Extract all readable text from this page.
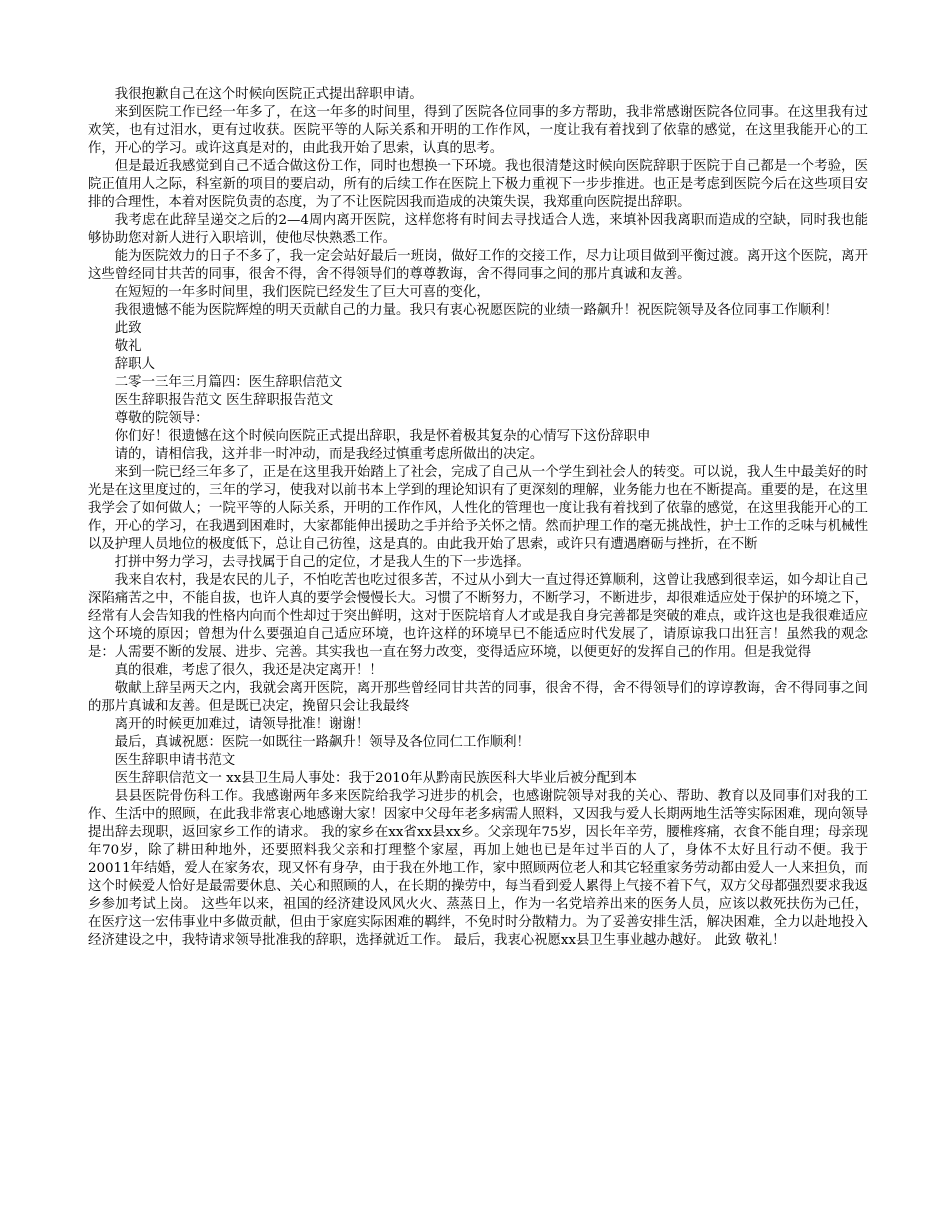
我很抱歉自己在这个时候向医院正式提出辞职申请。

来到医院工作已经一年多了，在这一年多的时间里，得到了医院各位同事的多方帮助，我非常感谢医院各位同事。在这里我有过欢笑，也有过泪水，更有过收获。医院平等的人际关系和开明的工作作风，一度让我有着找到了依靠的感觉，在这里我能开心的工作，开心的学习。或许这真是对的，由此我开始了思索，认真的思考。

但是最近我感觉到自己不适合做这份工作，同时也想换一下环境。我也很清楚这时候向医院辞职于医院于自己都是一个考验，医院正值用人之际，科室新的项目的要启动，所有的后续工作在医院上下极力重视下一步步推进。也正是考虑到医院今后在这些项目安排的合理性，本着对医院负责的态度，为了不让医院因我而造成的决策失误，我郑重向医院提出辞职。

我考虑在此辞呈递交之后的2—4周内离开医院，这样您将有时间去寻找适合人选，来填补因我离职而造成的空缺，同时我也能够协助您对新人进行入职培训，使他尽快熟悉工作。

能为医院效力的日子不多了，我一定会站好最后一班岗，做好工作的交接工作，尽力让项目做到平衡过渡。离开这个医院，离开这些曾经同甘共苦的同事，很舍不得，舍不得领导们的尊尊教诲，舍不得同事之间的那片真诚和友善。

在短短的一年多时间里，我们医院已经发生了巨大可喜的变化，

我很遗憾不能为医院辉煌的明天贡献自己的力量。我只有衷心祝愿医院的业绩一路飙升！祝医院领导及各位同事工作顺利！

此致

敬礼

辞职人

二零一三年三月篇四：医生辞职信范文

医生辞职报告范文 医生辞职报告范文

尊敬的院领导：

你们好！很遗憾在这个时候向医院正式提出辞职，我是怀着极其复杂的心情写下这份辞职申

请的，请相信我，这并非一时冲动，而是我经过慎重考虑所做出的决定。

来到一院已经三年多了，正是在这里我开始踏上了社会，完成了自己从一个学生到社会人的转变。可以说，我人生中最美好的时光是在这里度过的，三年的学习，使我对以前书本上学到的理论知识有了更深刻的理解，业务能力也在不断提高。重要的是，在这里我学会了如何做人；一院平等的人际关系，开明的工作作风，人性化的管理也一度让我有着找到了依靠的感觉，在这里我能开心的工作，开心的学习，在我遇到困难时，大家都能伸出援助之手并给予关怀之情。然而护理工作的毫无挑战性，护士工作的乏味与机械性以及护理人员地位的极度低下，总让自己彷徨，这是真的。由此我开始了思索，或许只有遭遇磨砺与挫折，在不断

打拼中努力学习，去寻找属于自己的定位，才是我人生的下一步选择。

我来自农村，我是农民的儿子，不怕吃苦也吃过很多苦，不过从小到大一直过得还算顺利，这曾让我感到很幸运，如今却让自己深陷痛苦之中，不能自拔，也许人真的要学会慢慢长大。习惯了不断努力，不断学习，不断进步，却很难适应处于保护的环境之下，经常有人会告知我的性格内向而个性却过于突出鲜明，这对于医院培育人才或是我自身完善都是突破的难点，或许这也是我很难适应这个环境的原因；曾想为什么要强迫自己适应环境，也许这样的环境早已不能适应时代发展了，请原谅我口出狂言！虽然我的观念是：人需要不断的发展、进步、完善。其实我也一直在努力改变，变得适应环境，以便更好的发挥自己的作用。但是我觉得

真的很难，考虑了很久，我还是决定离开！！

敬献上辞呈两天之内，我就会离开医院，离开那些曾经同甘共苦的同事，很舍不得，舍不得领导们的谆谆教诲，舍不得同事之间的那片真诚和友善。但是既已决定，挽留只会让我最终

离开的时候更加难过，请领导批准！谢谢！

最后，真诚祝愿：医院一如既往一路飙升！领导及各位同仁工作顺利！

医生辞职申请书范文

医生辞职信范文一 xx县卫生局人事处：我于2010年从黔南民族医科大毕业后被分配到本

县县医院骨伤科工作。我感谢两年多来医院给我学习进步的机会，也感谢院领导对我的关心、帮助、教育以及同事们对我的工作、生活中的照顾，在此我非常衷心地感谢大家！因家中父母年老多病需人照料，又因我与爱人长期两地生活等实际困难，现向领导提出辞去现职，返回家乡工作的请求。 我的家乡在xx省xx县xx乡。父亲现年75岁，因长年辛劳，腰椎疼痛，衣食不能自理；母亲现年70岁，除了耕田种地外，还要照料我父亲和打理整个家屋，再加上她也已是年过半百的人了，身体不太好且行动不便。我于20011年结婚，爱人在家务农，现又怀有身孕，由于我在外地工作，家中照顾两位老人和其它轻重家务劳动都由爱人一人来担负，而这个时候爱人恰好是最需要休息、关心和照顾的人，在长期的操劳中，每当看到爱人累得上气接不着下气，双方父母都强烈要求我返乡参加考试上岗。 这些年以来，祖国的经济建设风风火火、蒸蒸日上，作为一名党培养出来的医务人员，应该以救死扶伤为己任，在医疗这一宏伟事业中多做贡献，但由于家庭实际困难的羁绊，不免时时分散精力。为了妥善安排生活，解决困难，全力以赴地投入经济建设之中，我特请求领导批准我的辞职，选择就近工作。 最后，我衷心祝愿xx县卫生事业越办越好。 此致 敬礼！
